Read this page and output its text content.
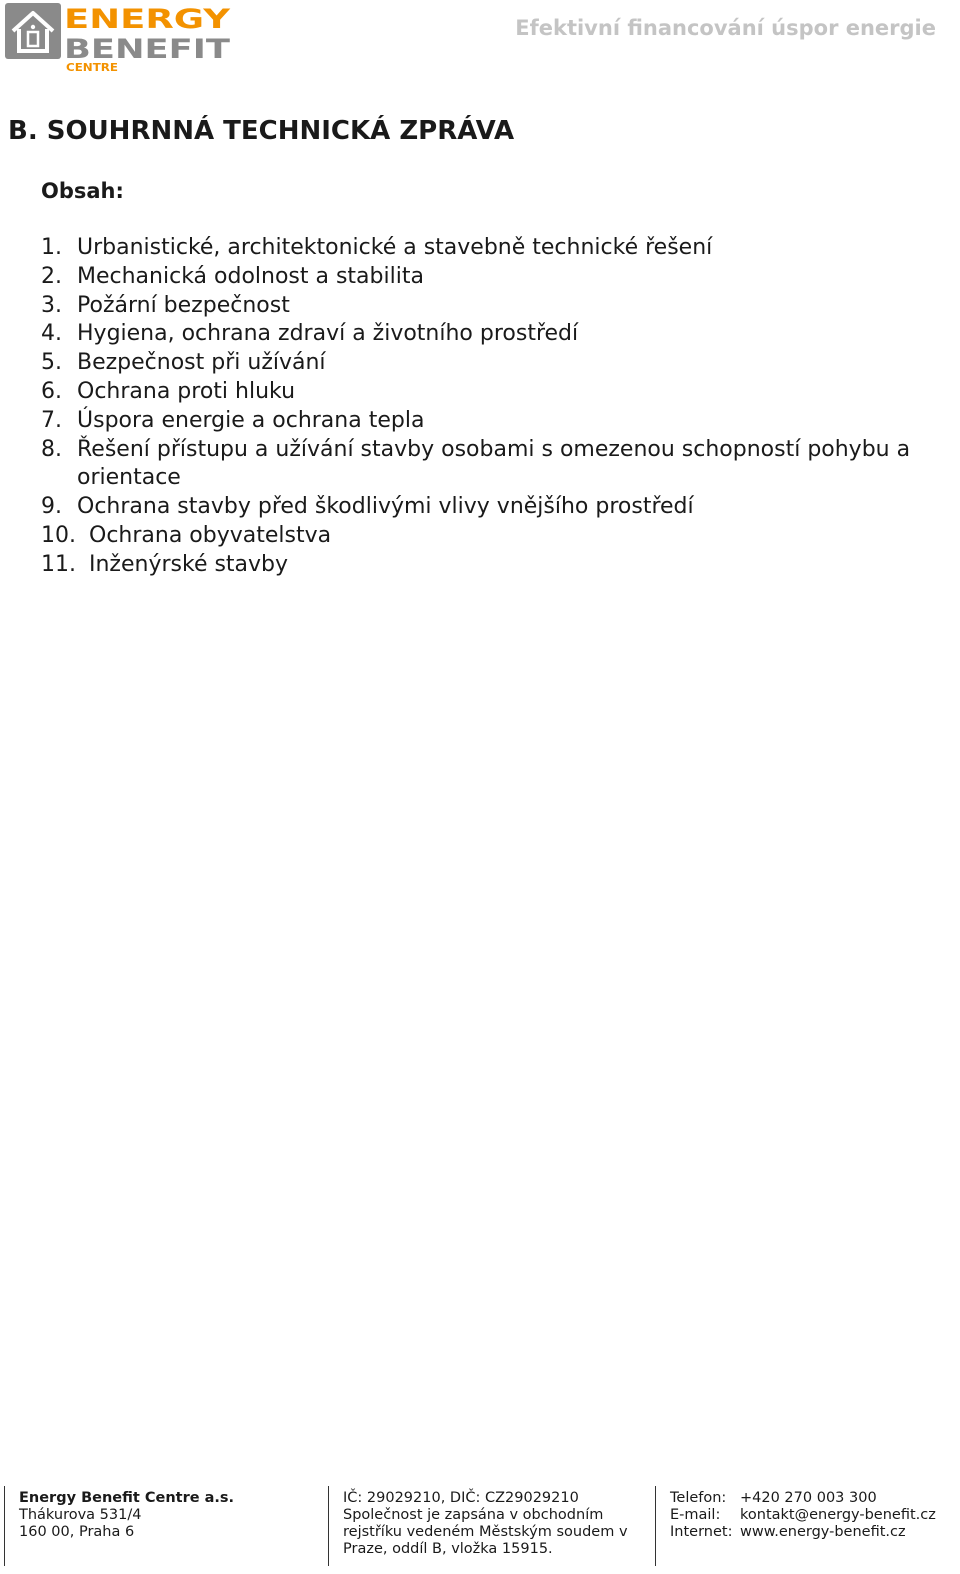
ENERGY
BENEFIT
CENTRE
Efektivní financování úspor energie
B. SOUHRNNÁ TECHNICKÁ ZPRÁVA
Obsah:
1. Urbanistické, architektonické a stavebně technické řešení
2. Mechanická odolnost a stabilita
3. Požární bezpečnost
4. Hygiena, ochrana zdraví a životního prostředí
5. Bezpečnost při užívání
6. Ochrana proti hluku
7. Úspora energie a ochrana tepla
8. Řešení přístupu a užívání stavby osobami s omezenou schopností pohybu a orientace
9. Ochrana stavby před škodlivými vlivy vnějšího prostředí
10. Ochrana obyvatelstva
11. Inženýrské stavby
Energy Benefit Centre a.s.
Thákurova 531/4
160 00, Praha 6
IČ: 29029210, DIČ: CZ29029210
Společnost je zapsána v obchodním
rejstříku vedeném Městským soudem v
Praze, oddíl B, vložka 15915.
Telefon: +420 270 003 300
E-mail:	kontakt@energy-benefit.cz
Internet: www.energy-benefit.cz
